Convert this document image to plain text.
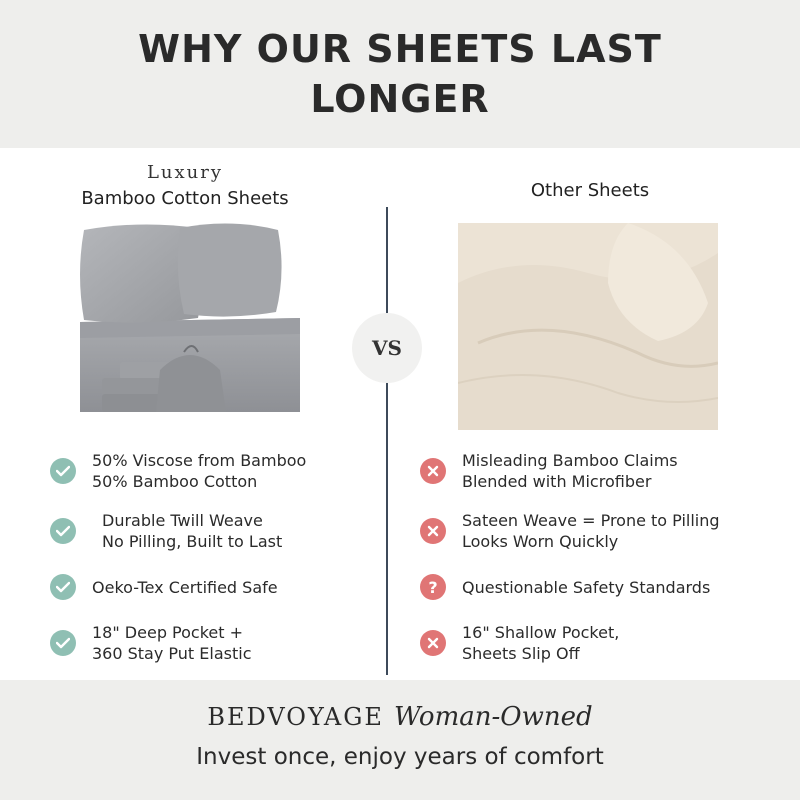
WHY OUR SHEETS LAST LONGER
Luxury
Bamboo Cotton Sheets	Other Sheets
VS
50% Viscose from Bamboo
50% Bamboo Cotton
Durable Twill Weave
No Pilling, Built to Last
Oeko-Tex Certified Safe
18" Deep Pocket +
360 Stay Put Elastic
Misleading Bamboo Claims
Blended with Microfiber
Sateen Weave = Prone to Pilling
Looks Worn Quickly
?	Questionable Safety Standards
16" Shallow Pocket,
Sheets Slip Off
BEDVOYAGE Woman-Owned
Invest once, enjoy years of comfort
